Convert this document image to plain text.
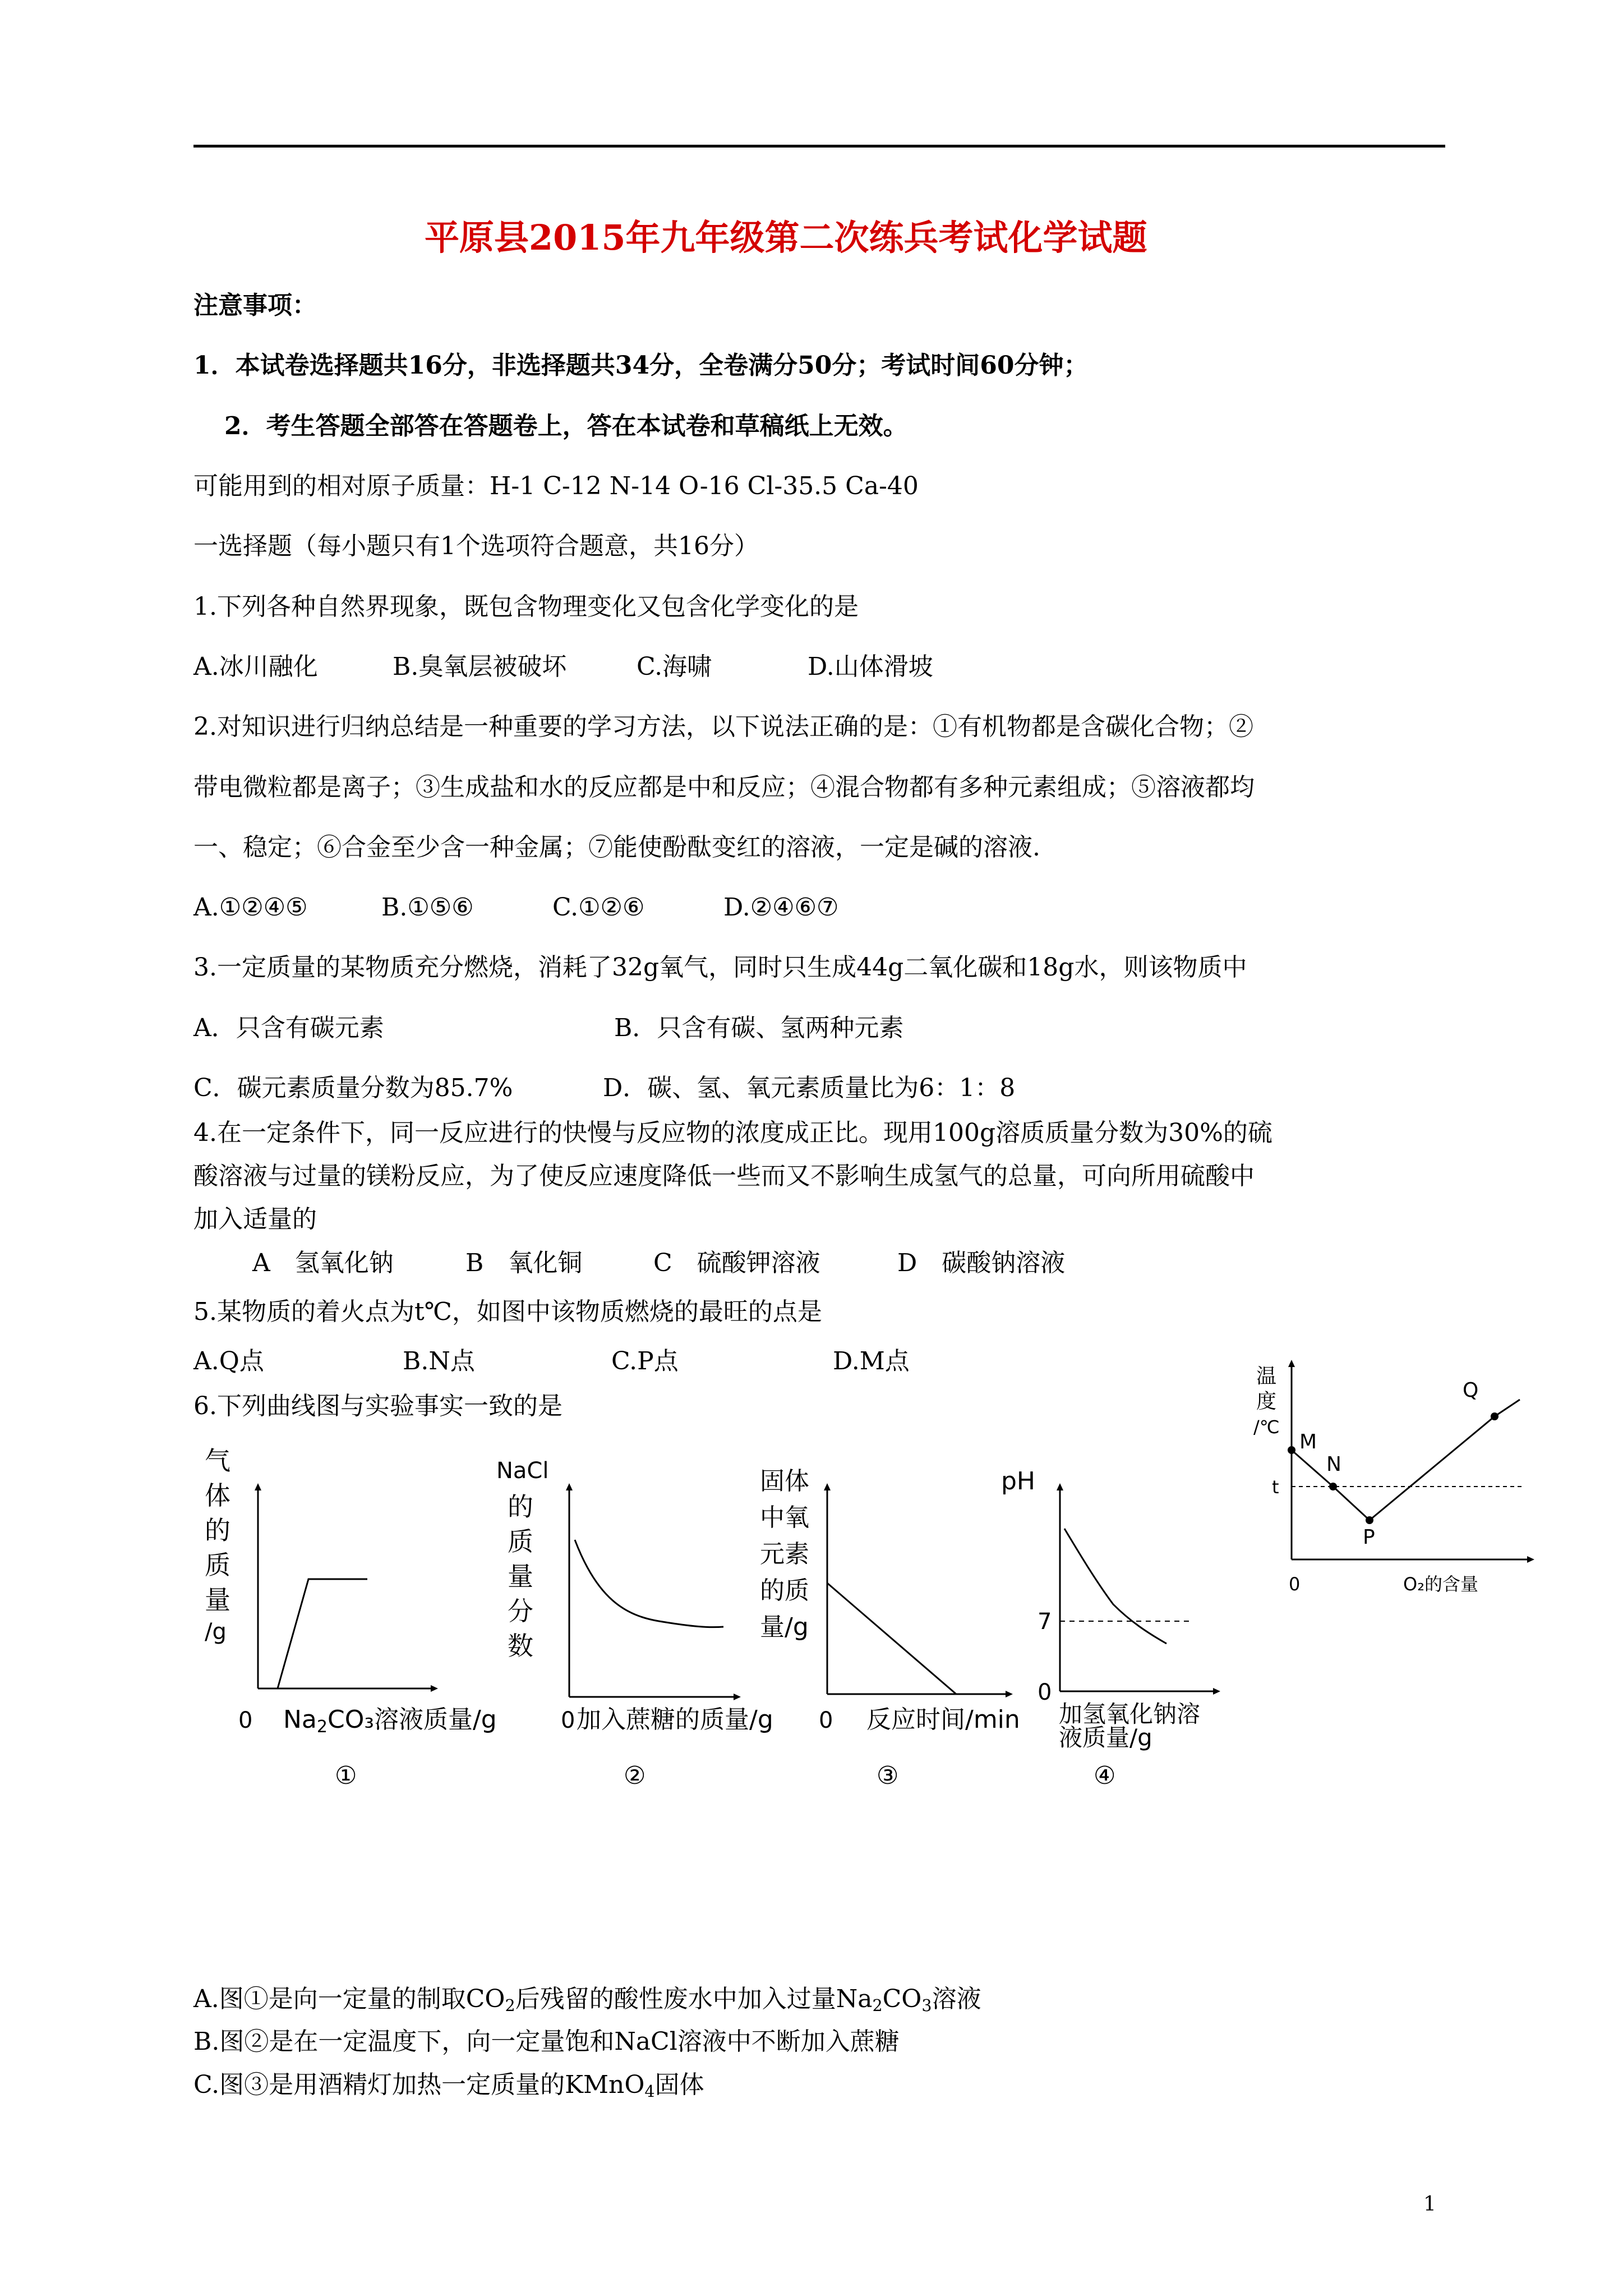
平原县2015年九年级第二次练兵考试化学试题
注意事项：
1．本试卷选择题共16分，非选择题共34分，全卷满分50分；考试时间60分钟；
2．考生答题全部答在答题卷上，答在本试卷和草稿纸上无效。
可能用到的相对原子质量：H-1 C-12 N-14 O-16 Cl-35.5 Ca-40
一选择题（每小题只有1个选项符合题意，共16分）
1.下列各种自然界现象，既包含物理变化又包含化学变化的是
A.冰川融化	B.臭氧层被破坏	C.海啸	D.山体滑坡
2.对知识进行归纳总结是一种重要的学习方法，以下说法正确的是：①有机物都是含碳化合物；②
带电微粒都是离子；③生成盐和水的反应都是中和反应；④混合物都有多种元素组成；⑤溶液都均
一、稳定；⑥合金至少含一种金属；⑦能使酚酞变红的溶液，一定是碱的溶液.
A.①②④⑤	B.①⑤⑥	C.①②⑥	D.②④⑥⑦
3.一定质量的某物质充分燃烧，消耗了32g氧气，同时只生成44g二氧化碳和18g水，则该物质中
A．只含有碳元素	B．只含有碳、氢两种元素
C．碳元素质量分数为85.7%	D．碳、氢、氧元素质量比为6：1：8
4.在一定条件下，同一反应进行的快慢与反应物的浓度成正比。现用100g溶质质量分数为30%的硫
酸溶液与过量的镁粉反应，为了使反应速度降低一些而又不影响生成氢气的总量，可向所用硫酸中
加入适量的
A　氢氧化钠	B　氧化铜	C　硫酸钾溶液	D　碳酸钠溶液
5.某物质的着火点为t℃，如图中该物质燃烧的最旺的点是
A.Q点	B.N点	C.P点	D.M点
温
度
/℃
t
0	O₂的含量
M
N
P
Q
6.下列曲线图与实验事实一致的是
气
体
的
质
量
/g
0 Na2CO₃溶液质量/g
①
NaCl
的
质
量
分
数
0 加入蔗糖的质量/g
②
固体
中氧
元素
的质
量/g
0 反应时间/min
③
pH
7
0
加氢氧化钠溶
液质量/g
④
A.图①是向一定量的制取$CO_2$后残留的酸性废水中加入过量$Na_2CO_3$溶液
B.图②是在一定温度下，向一定量饱和NaCl溶液中不断加入蔗糖
C.图③是用酒精灯加热一定质量的KMnO$_4$固体
1
